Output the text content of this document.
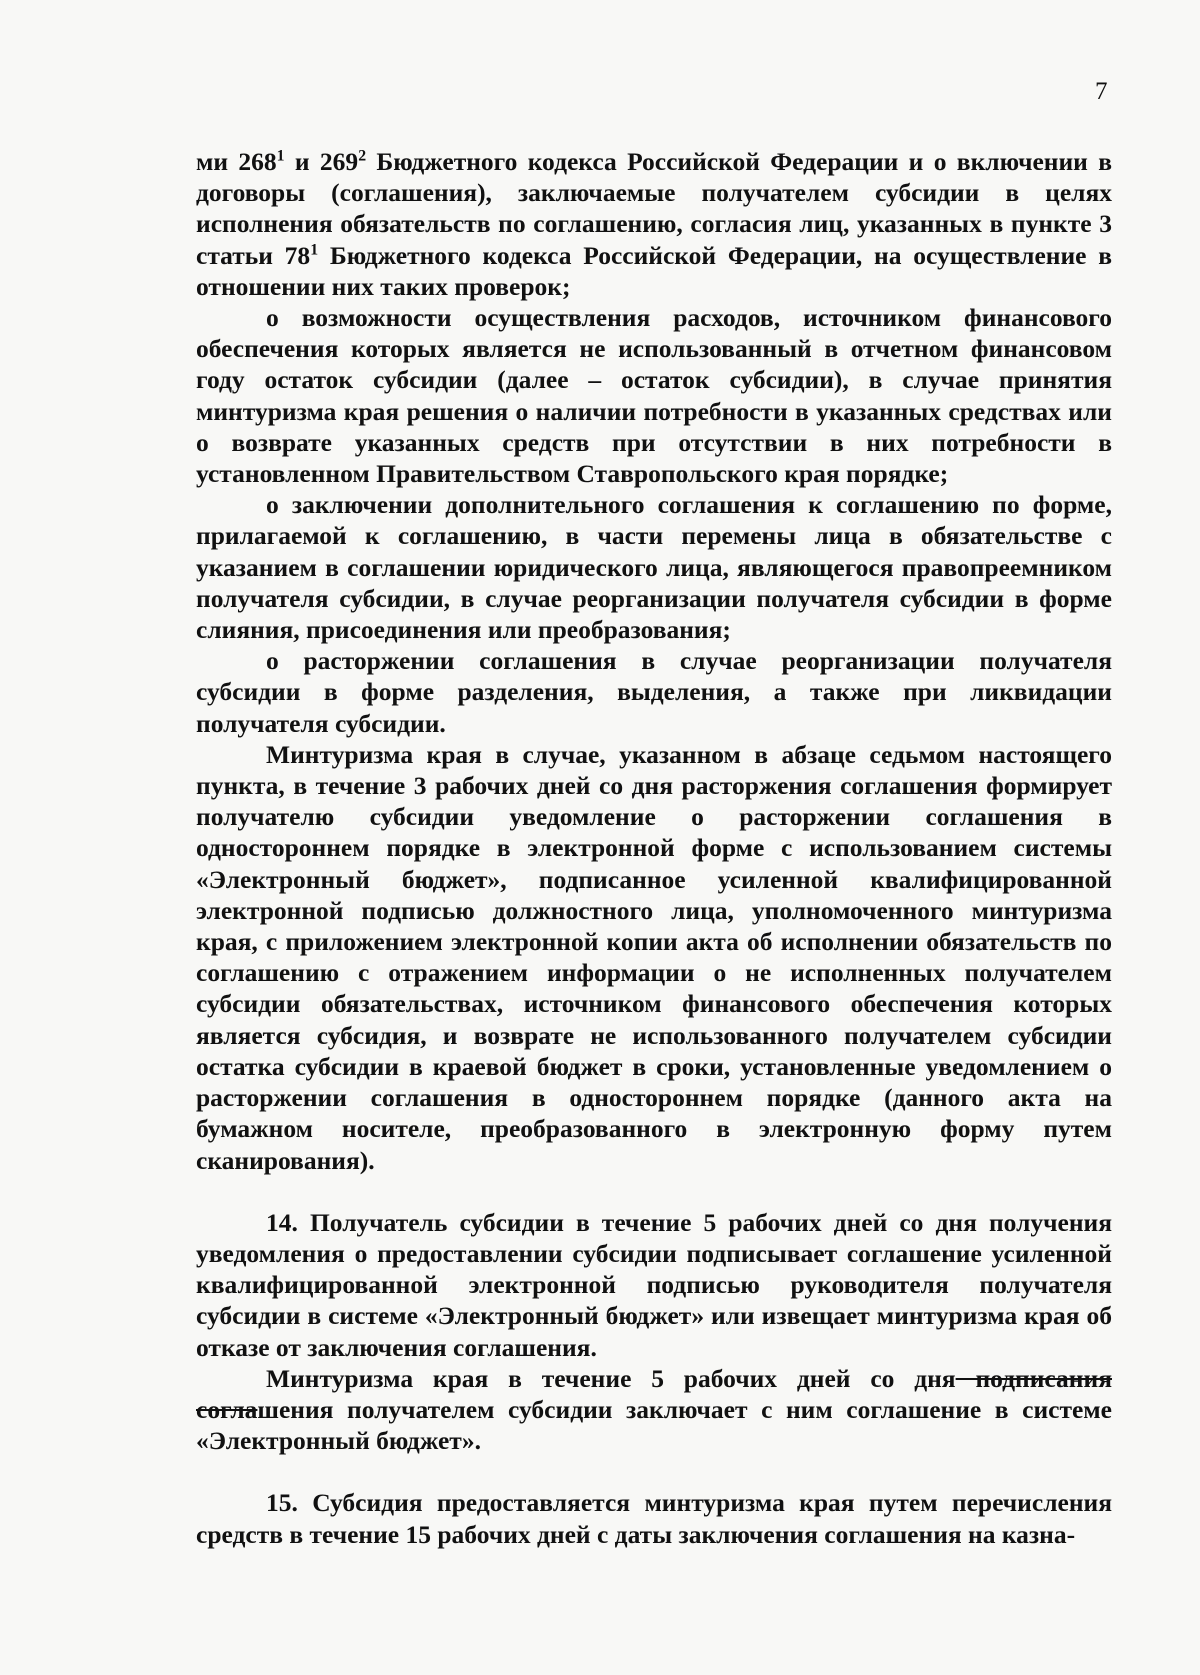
7

ми $268^1$ и $269^2$ Бюджетного кодекса Российской Федерации и о включении в договоры (соглашения), заключаемые получателем субсидии в целях исполнения обязательств по соглашению, согласия лиц, указанных в пункте 3 статьи $78^1$ Бюджетного кодекса Российской Федерации, на осуществление в отношении них таких проверок;

о возможности осуществления расходов, источником финансового обеспечения которых является не использованный в отчетном финансовом году остаток субсидии (далее – остаток субсидии), в случае принятия минтуризма края решения о наличии потребности в указанных средствах или о возврате указанных средств при отсутствии в них потребности в установленном Правительством Ставропольского края порядке;

о заключении дополнительного соглашения к соглашению по форме, прилагаемой к соглашению, в части перемены лица в обязательстве с указанием в соглашении юридического лица, являющегося правопреемником получателя субсидии, в случае реорганизации получателя субсидии в форме слияния, присоединения или преобразования;

о расторжении соглашения в случае реорганизации получателя субсидии в форме разделения, выделения, а также при ликвидации получателя субсидии.

Минтуризма края в случае, указанном в абзаце седьмом настоящего пункта, в течение 3 рабочих дней со дня расторжения соглашения формирует получателю субсидии уведомление о расторжении соглашения в одностороннем порядке в электронной форме с использованием системы «Электронный бюджет», подписанное усиленной квалифицированной электронной подписью должностного лица, уполномоченного минтуризма края, с приложением электронной копии акта об исполнении обязательств по соглашению с отражением информации о не исполненных получателем субсидии обязательствах, источником финансового обеспечения которых является субсидия, и возврате не использованного получателем субсидии остатка субсидии в краевой бюджет в сроки, установленные уведомлением о расторжении соглашения в одностороннем порядке (данного акта на бумажном носителе, преобразованного в электронную форму путем сканирования).

14. Получатель субсидии в течение 5 рабочих дней со дня получения уведомления о предоставлении субсидии подписывает соглашение усиленной квалифицированной электронной подписью руководителя получателя субсидии в системе «Электронный бюджет» или извещает минтуризма края об отказе от заключения соглашения.

Минтуризма края в течение 5 рабочих дней со дня подписания соглашения получателем субсидии заключает с ним соглашение в системе «Электронный бюджет».

15. Субсидия предоставляется минтуризма края путем перечисления средств в течение 15 рабочих дней с даты заключения соглашения на казна-
